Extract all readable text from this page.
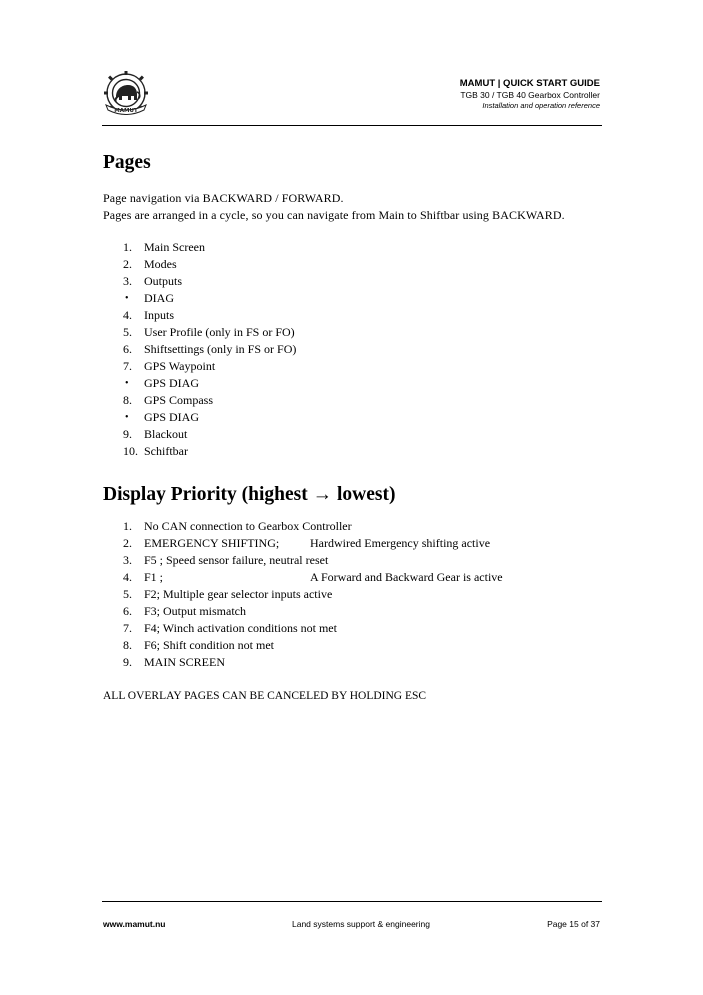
MAMUT
MAMUT | QUICK START GUIDE
TGB 30 / TGB 40 Gearbox Controller
Installation and operation reference
Pages

Page navigation via BACKWARD / FORWARD.

Pages are arranged in a cycle, so you can navigate from Main to Shiftbar using BACKWARD.

1.	Main Screen
2.	Modes
3.	Outputs
•	DIAG
4.	Inputs
5.	User Profile (only in FS or FO)
6.	Shiftsettings (only in FS or FO)
7.	GPS Waypoint
•	GPS DIAG
8.	GPS Compass
•	GPS DIAG
9.	Blackout
10. Schiftbar
Display Priority (highest → lowest)
1.	No CAN connection to Gearbox Controller
2.	EMERGENCY SHIFTING;	Hardwired Emergency shifting active
3.	F5 ; Speed sensor failure, neutral reset
4.	F1 ;	A Forward and Backward Gear is active
5.	F2; Multiple gear selector inputs active
6.	F3; Output mismatch
7.	F4; Winch activation conditions not met
8.	F6; Shift condition not met
9.	MAIN SCREEN
ALL OVERLAY PAGES CAN BE CANCELED BY HOLDING ESC
www.mamut.nu	Land systems support & engineering	Page 15 of 37
